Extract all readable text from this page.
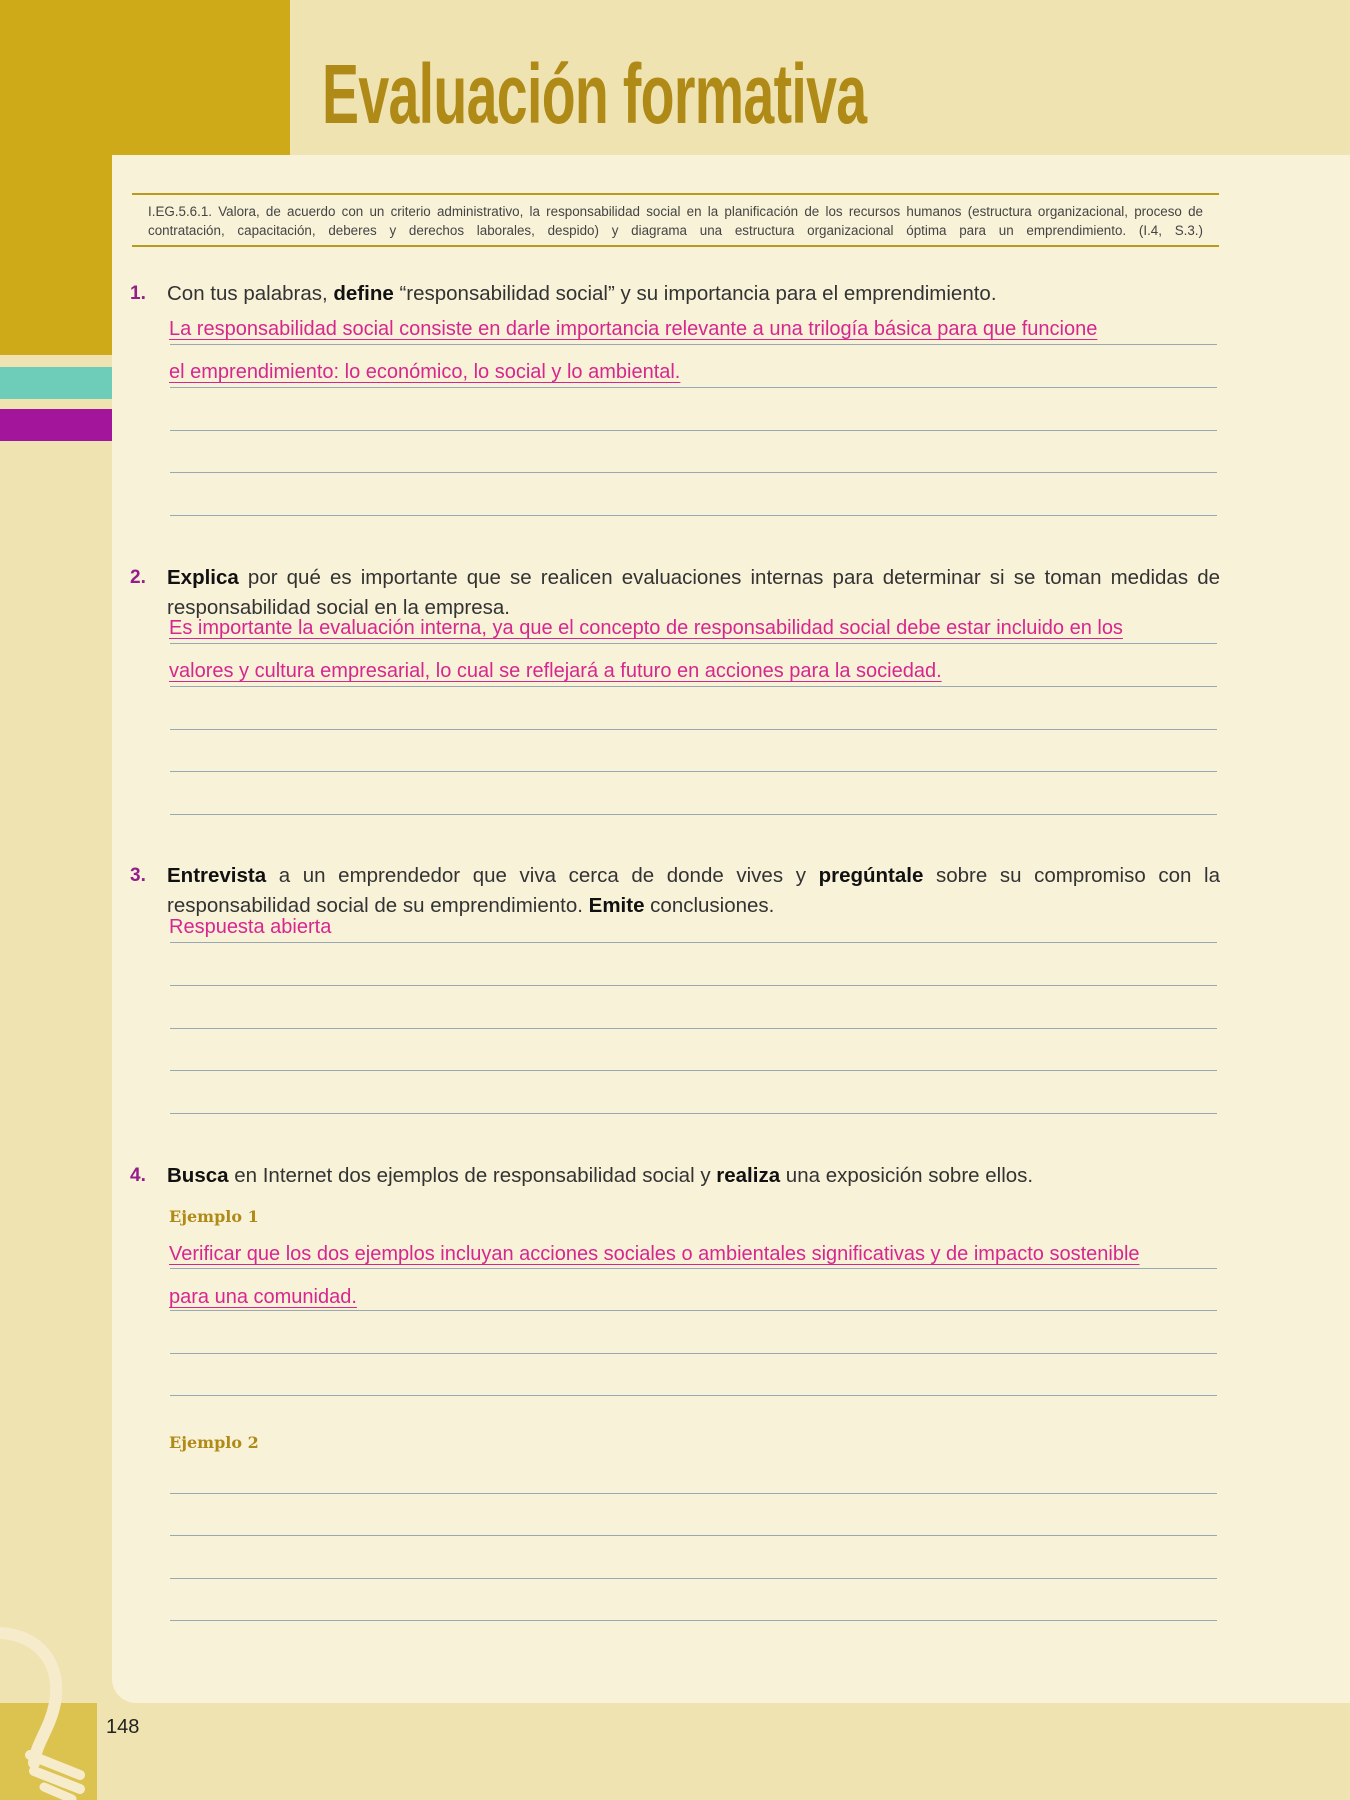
Evaluación formativa
I.EG.5.6.1. Valora, de acuerdo con un criterio administrativo, la responsabilidad social en la planificación de los recursos humanos (estructura organizacional, proceso de contratación, capacitación, deberes y derechos laborales, despido) y diagrama una estructura organizacional óptima para un emprendimiento. (I.4, S.3.)
1. Con tus palabras, define “responsabilidad social” y su importancia para el emprendimiento.
2. Explica por qué es importante que se realicen evaluaciones internas para determinar si se toman medidas de responsabilidad social en la empresa.
3. Entrevista a un emprendedor que viva cerca de donde vives y pregúntale sobre su compromiso con la responsabilidad social de su emprendimiento. Emite conclusiones.
4. Busca en Internet dos ejemplos de responsabilidad social y realiza una exposición sobre ellos.
La responsabilidad social consiste en darle importancia relevante a una trilogía básica para que funcione
el emprendimiento: lo económico, lo social y lo ambiental.
Es importante la evaluación interna, ya que el concepto de responsabilidad social debe estar incluido en los
valores y cultura empresarial, lo cual se reflejará a futuro en acciones para la sociedad.
Respuesta abierta
Ejemplo 1
Verificar que los dos ejemplos incluyan acciones sociales o ambientales significativas y de impacto sostenible
para una comunidad.
Ejemplo 2
148
